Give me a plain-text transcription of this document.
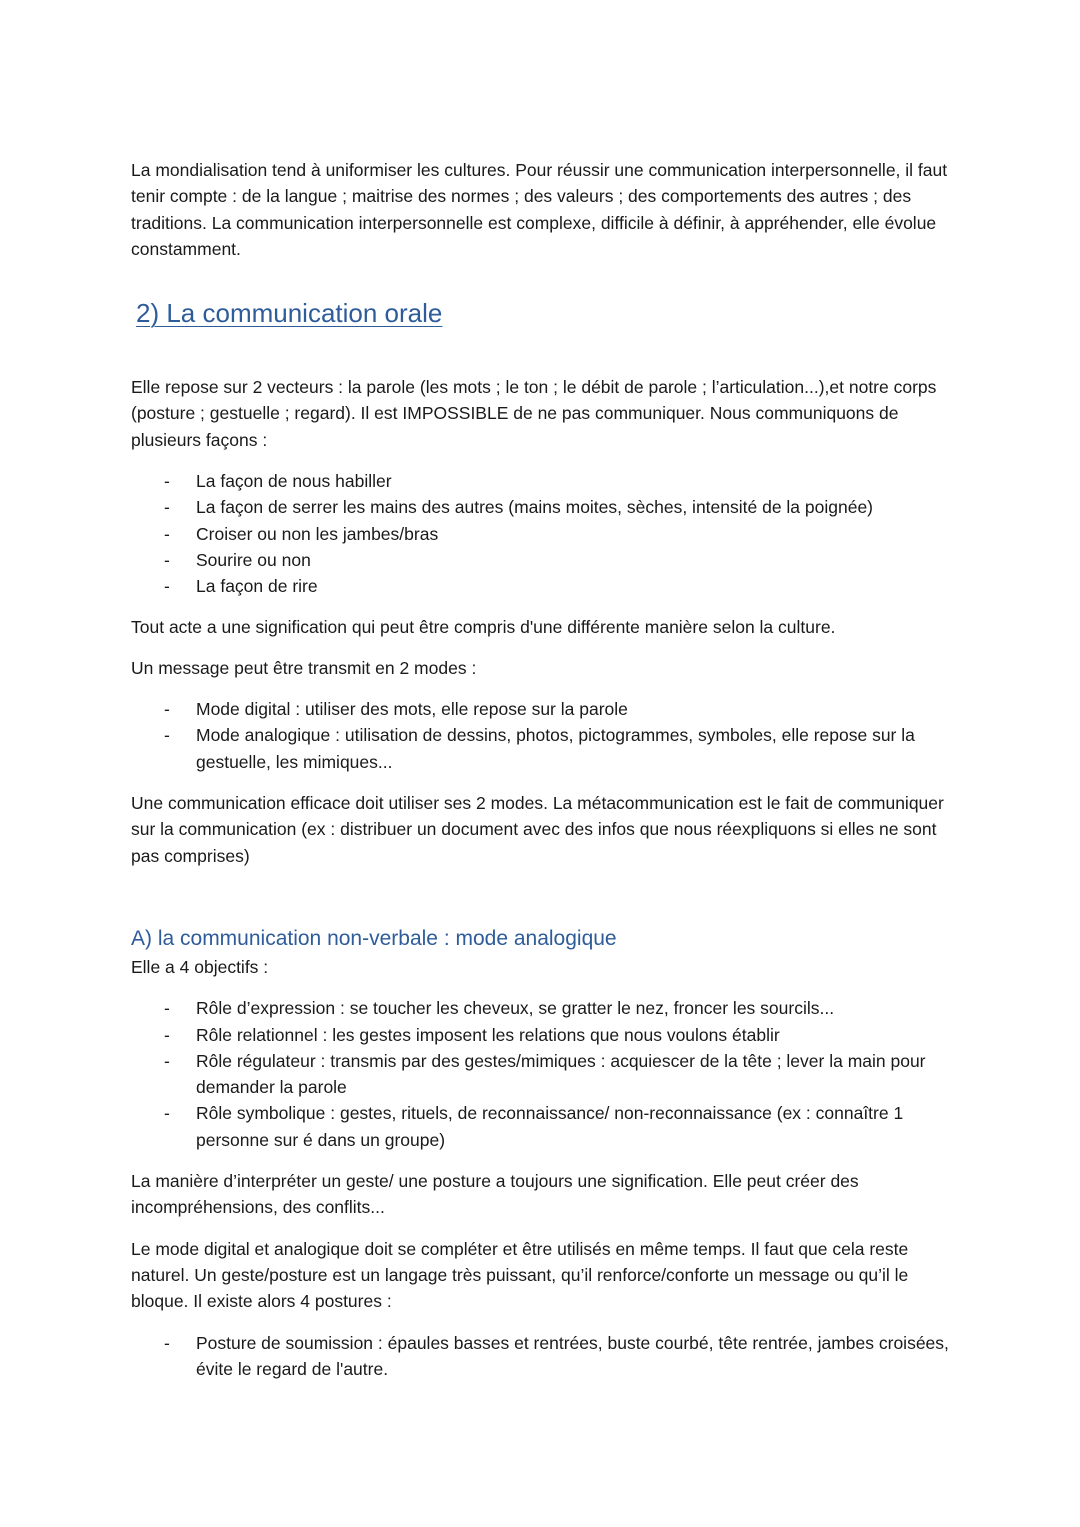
La mondialisation tend à uniformiser les cultures. Pour réussir une communication interpersonnelle, il faut tenir compte : de la langue ; maitrise des normes ; des valeurs ; des comportements des autres ; des traditions. La communication interpersonnelle est complexe, difficile à définir, à appréhender, elle évolue constamment.

2) La communication orale

Elle repose sur 2 vecteurs : la parole (les mots ; le ton ; le débit de parole ; l’articulation...),et notre corps (posture ; gestuelle ; regard). Il est IMPOSSIBLE de ne pas communiquer. Nous communiquons de plusieurs façons :

- La façon de nous habiller
- La façon de serrer les mains des autres (mains moites, sèches, intensité de la poignée)
- Croiser ou non les jambes/bras
- Sourire ou non
- La façon de rire

Tout acte a une signification qui peut être compris d'une différente manière selon la culture.

Un message peut être transmit en 2 modes :

- Mode digital : utiliser des mots, elle repose sur la parole
- Mode analogique : utilisation de dessins, photos, pictogrammes, symboles, elle repose sur la gestuelle, les mimiques...

Une communication efficace doit utiliser ses 2 modes. La métacommunication est le fait de communiquer sur la communication (ex : distribuer un document avec des infos que nous réexpliquons si elles ne sont pas comprises)

A) la communication non-verbale : mode analogique

Elle a 4 objectifs :

- Rôle d’expression : se toucher les cheveux, se gratter le nez, froncer les sourcils...
- Rôle relationnel : les gestes imposent les relations que nous voulons établir
- Rôle régulateur : transmis par des gestes/mimiques : acquiescer de la tête ; lever la main pour demander la parole
- Rôle symbolique : gestes, rituels, de reconnaissance/ non-reconnaissance (ex : connaître 1 personne sur é dans un groupe)

La manière d’interpréter un geste/ une posture a toujours une signification. Elle peut créer des incompréhensions, des conflits...

Le mode digital et analogique doit se compléter et être utilisés en même temps. Il faut que cela reste naturel. Un geste/posture est un langage très puissant, qu’il renforce/conforte un message ou qu’il le bloque. Il existe alors 4 postures :

- Posture de soumission : épaules basses et rentrées, buste courbé, tête rentrée, jambes croisées, évite le regard de l'autre.
